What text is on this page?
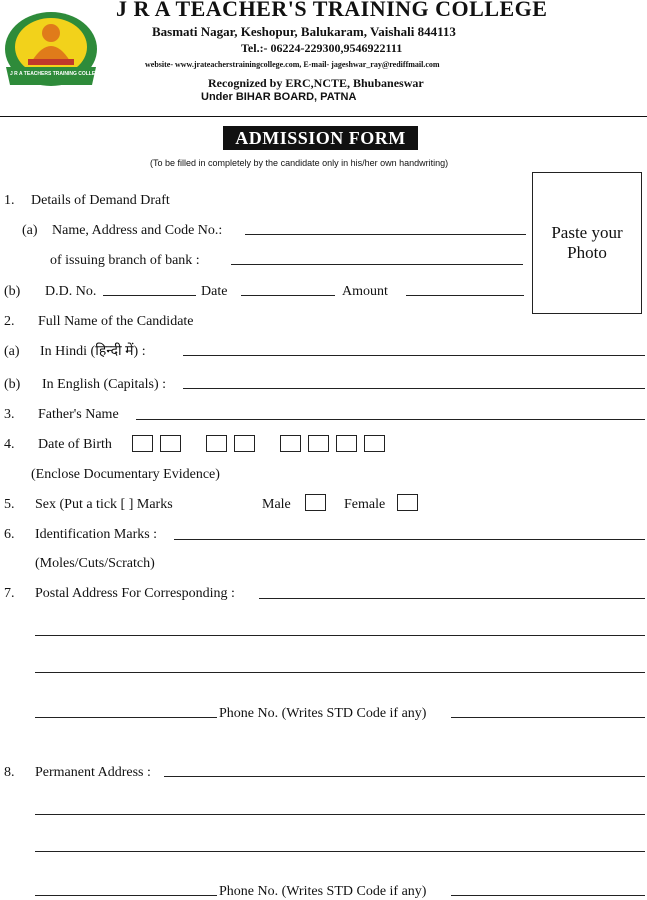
J R A TEACHERS TRAINING COLLEGE
J R A TEACHER'S TRAINING COLLEGE
Basmati Nagar, Keshopur, Balukaram, Vaishali 844113
Tel.:- 06224-229300,9546922111
website- www.jrateacherstrainingcollege.com, E-mail- jageshwar_ray@rediffmail.com
Recognized by ERC,NCTE, Bhubaneswar
Under BIHAR BOARD, PATNA
ADMISSION FORM
(To be filled in completely by the candidate only in his/her own handwriting)
Paste your Photo
1. Details of Demand Draft
(a) Name, Address and Code No.:
of issuing branch of bank :
(b) D.D. No.	Date	Amount
2. Full Name of the Candidate
(a) In Hindi (हिन्दी में) :
(b) In English (Capitals) :
3. Father's Name
4. Date of Birth
(Enclose Documentary Evidence)
5. Sex (Put a tick [ ] Marks	Male	Female
6. Identification Marks :
(Moles/Cuts/Scratch)
7. Postal Address For Corresponding :
Phone No. (Writes STD Code if any)
8. Permanent Address :
Phone No. (Writes STD Code if any)
